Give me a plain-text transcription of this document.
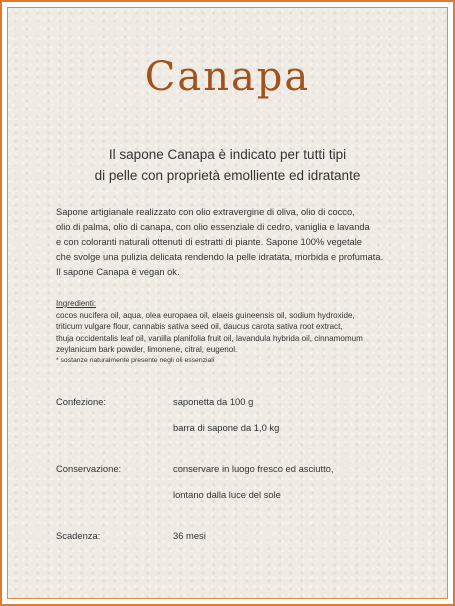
Canapa
Il sapone Canapa è indicato per tutti tipi
di pelle con proprietà emolliente ed idratante
Sapone artigianale realizzato con olio extravergine di oliva, olio di cocco,
olio di palma, olio di canapa, con olio essenziale di cedro, vaniglia e lavanda
e con coloranti naturali ottenuti di estratti di piante. Sapone 100% vegetale
che svolge una pulizia delicata rendendo la pelle idratata, morbida e profumata.
Il sapone Canapa è vegan ok.
Ingredienti:
cocos nucifera oil, aqua, olea europaea oil, elaeis guineensis oil, sodium hydroxide,
triticum vulgare flour, cannabis sativa seed oil, daucus carota sativa root extract,
thuja occidentalis leaf oil, vanilla planifolia fruit oil, lavandula hybrida oil, cinnamomum
zeylanicum bark powder, limonene, citral, eugenol.
* sostanze naturalmente presente negli oli essenziali
Confezione:	saponetta da 100 g
barra di sapone da 1,0 kg
Conservazione:	conservare in luogo fresco ed asciutto,
lontano dalla luce del sole
Scadenza:	36 mesi
